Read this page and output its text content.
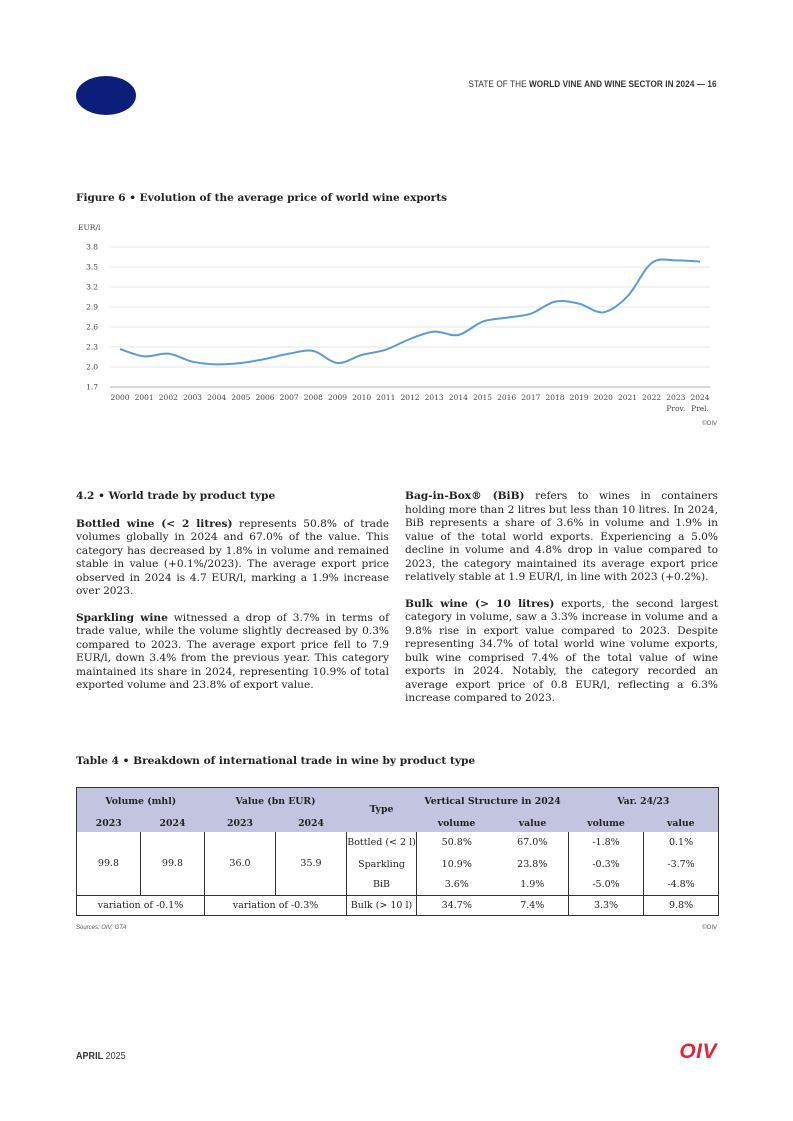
STATE OF THE WORLD VINE AND WINE SECTOR IN 2024 — 16
Figure 6 • Evolution of the average price of world wine exports
EUR/l
1.7
2.0
2.3
2.6
2.9
3.2
3.5
3.8
2000 2001 2002 2003 2004 2005 2006 2007 2008 2009 2010 2011 2012 2013 2014 2015 2016 2017 2018 2019 2020 2021 2022 2023
Prov.
2024
Prel.
©OIV

4.2 • World trade by product type

Bottled wine (< 2 litres) represents 50.8% of trade volumes globally in 2024 and 67.0% of the value. This category has decreased by 1.8% in volume and remained stable in value (+0.1%/2023). The average export price observed in 2024 is 4.7 EUR/l, marking a 1.9% increase over 2023.

Sparkling wine witnessed a drop of 3.7% in terms of trade value, while the volume slightly decreased by 0.3% compared to 2023. The average export price fell to 7.9 EUR/l, down 3.4% from the previous year. This category maintained its share in 2024, representing 10.9% of total exported volume and 23.8% of export value.

Bag-in-Box® (BiB) refers to wines in containers holding more than 2 litres but less than 10 litres. In 2024, BiB represents a share of 3.6% in volume and 1.9% in value of the total world exports. Experiencing a 5.0% decline in volume and 4.8% drop in value compared to 2023, the category maintained its average export price relatively stable at 1.9 EUR/l, in line with 2023 (+0.2%).

Bulk wine (> 10 litres) exports, the second largest category in volume, saw a 3.3% increase in volume and a 9.8% rise in export value compared to 2023. Despite representing 34.7% of total world wine volume exports, bulk wine comprised 7.4% of the total value of wine exports in 2024. Notably, the category recorded an average export price of 0.8 EUR/l, reflecting a 6.3% increase compared to 2023.

Table 4 • Breakdown of international trade in wine by product type
Volume (mhl)		Value (bn EUR)		Type	Vertical Structure in 2024		Var. 24/23	
2023	2024	2023	2024		volume	value	volume	value
99.8	99.8	36.0	35.9	Bottled (< 2 l)	50.8%	67.0%	-1.8%	0.1%
				Sparkling	10.9%	23.8%	-0.3%	-3.7%
				BiB	3.6%	1.9%	-5.0%	-4.8%
variation of -0.1%		variation of -0.3%		Bulk (> 10 l)	34.7%	7.4%	3.3%	9.8%
Sources: OIV, GTA	©OIV
APRIL 2025	OIV
